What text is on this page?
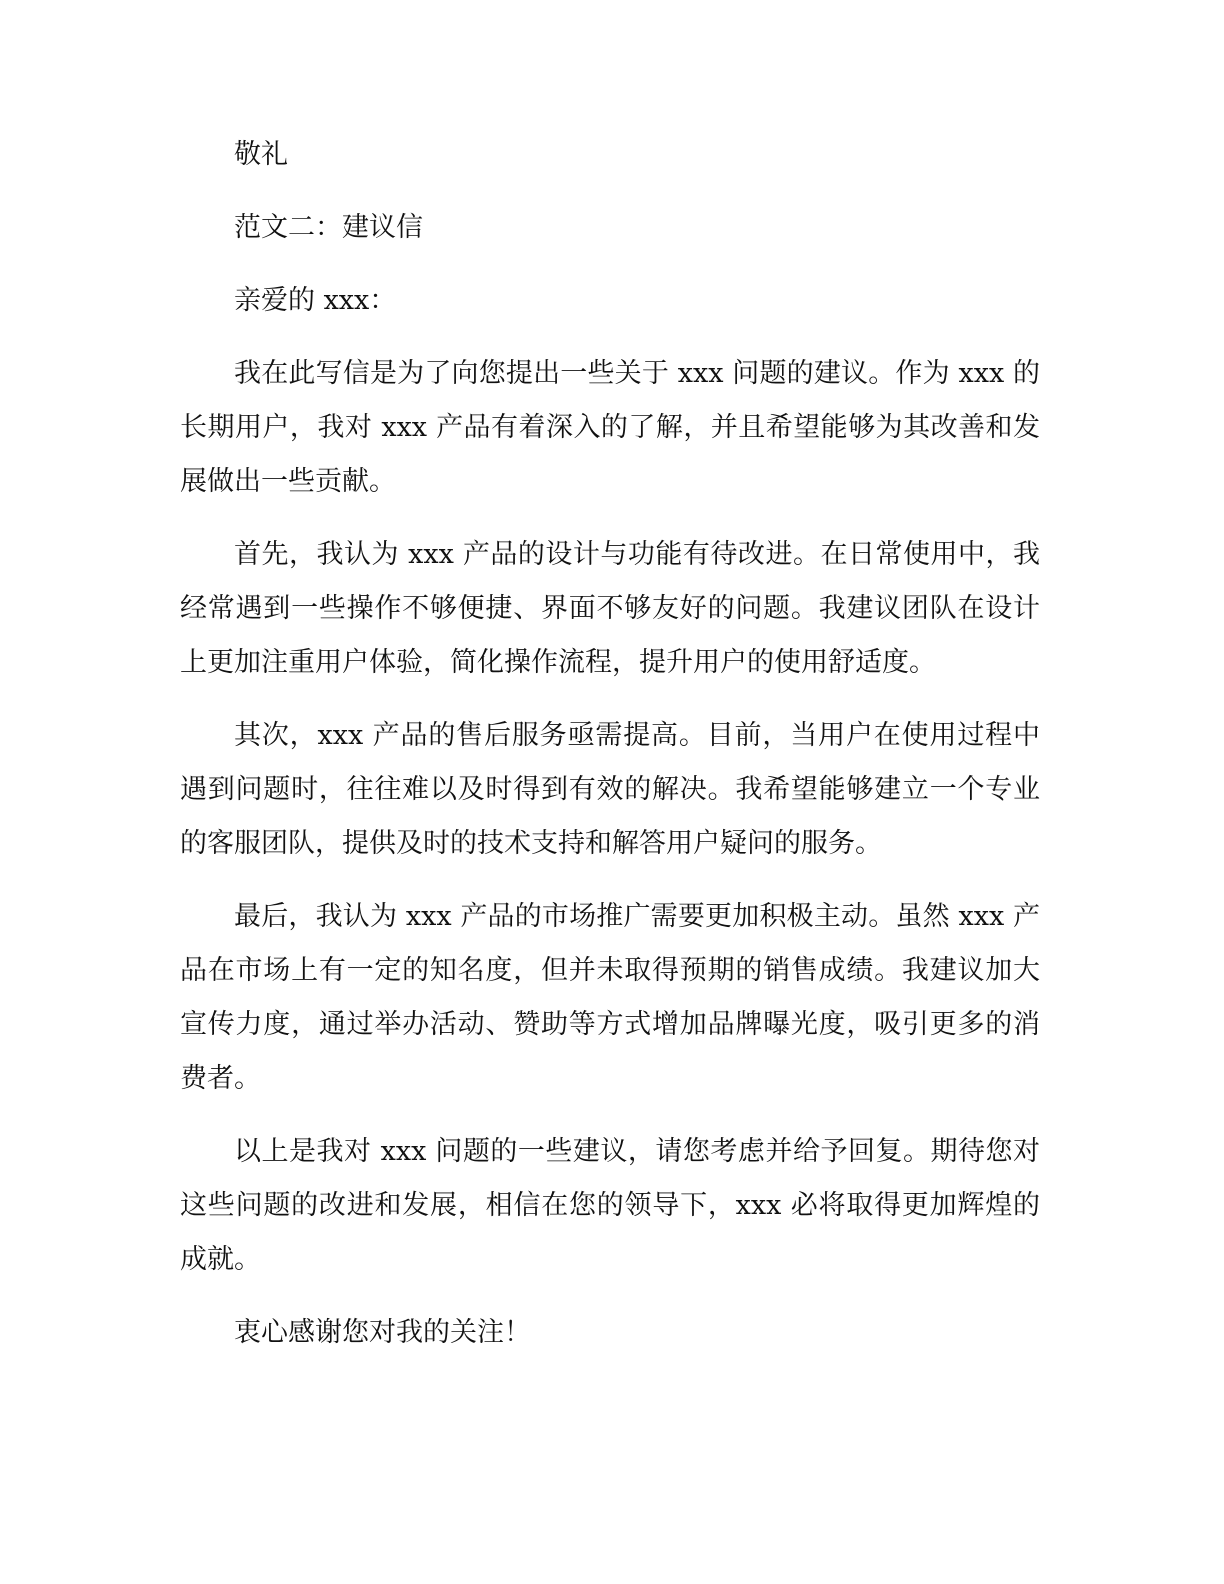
敬礼

范文二：建议信

亲爱的 xxx：

我在此写信是为了向您提出一些关于 xxx 问题的建议。作为 xxx 的长期用户，我对 xxx 产品有着深入的了解，并且希望能够为其改善和发展做出一些贡献。

首先，我认为 xxx 产品的设计与功能有待改进。在日常使用中，我经常遇到一些操作不够便捷、界面不够友好的问题。我建议团队在设计上更加注重用户体验，简化操作流程，提升用户的使用舒适度。

其次，xxx 产品的售后服务亟需提高。目前，当用户在使用过程中遇到问题时，往往难以及时得到有效的解决。我希望能够建立一个专业的客服团队，提供及时的技术支持和解答用户疑问的服务。

最后，我认为 xxx 产品的市场推广需要更加积极主动。虽然 xxx 产品在市场上有一定的知名度，但并未取得预期的销售成绩。我建议加大宣传力度，通过举办活动、赞助等方式增加品牌曝光度，吸引更多的消费者。

以上是我对 xxx 问题的一些建议，请您考虑并给予回复。期待您对这些问题的改进和发展，相信在您的领导下，xxx 必将取得更加辉煌的成就。

衷心感谢您对我的关注！
